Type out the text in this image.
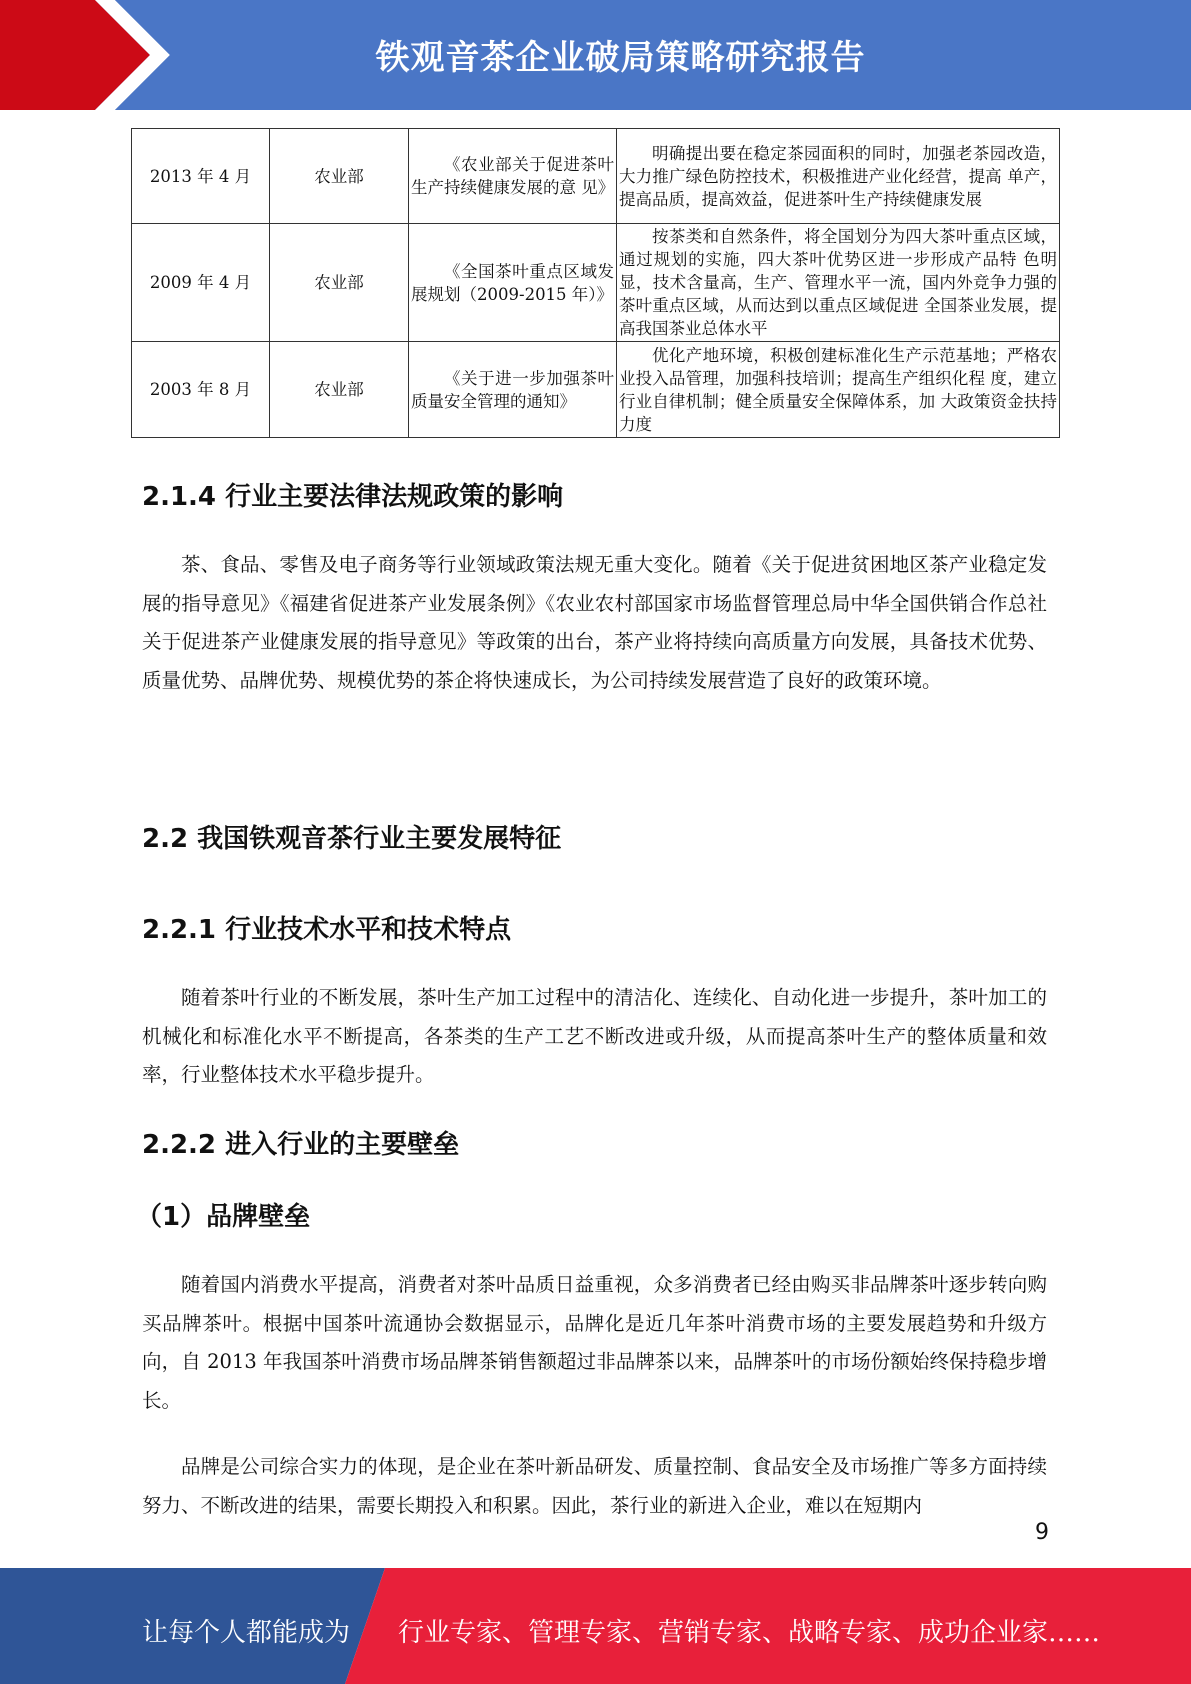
铁观音茶企业破局策略研究报告
2013 年 4 月	农业部	《农业部关于促进茶叶 生产持续健康发展的意 见》	明确提出要在稳定茶园面积的同时，加强老茶园改造， 大力推广绿色防控技术，积极推进产业化经营，提高 单产，提高品质，提高效益，促进茶叶生产持续健康发展
2009 年 4 月	农业部	《全国茶叶重点区域发 展规划（2009-2015 年）》	按茶类和自然条件，将全国划分为四大茶叶重点区域， 通过规划的实施，四大茶叶优势区进一步形成产品特 色明显，技术含量高，生产、管理水平一流，国内外竞争力强的茶叶重点区域，从而达到以重点区域促进 全国茶业发展，提高我国茶业总体水平
2003 年 8 月	农业部	《关于进一步加强茶叶 质量安全管理的通知》	优化产地环境，积极创建标准化生产示范基地；严格农业投入品管理，加强科技培训；提高生产组织化程 度，建立行业自律机制；健全质量安全保障体系，加 大政策资金扶持力度
2.1.4 行业主要法律法规政策的影响

茶、食品、零售及电子商务等行业领域政策法规无重大变化。随着《关于促进贫困地区茶产业稳定发展的指导意见》《福建省促进茶产业发展条例》《农业农村部国家市场监督管理总局中华全国供销合作总社关于促进茶产业健康发展的指导意见》等政策的出台，茶产业将持续向高质量方向发展，具备技术优势、质量优势、品牌优势、规模优势的茶企将快速成长，为公司持续发展营造了良好的政策环境。

2.2 我国铁观音茶行业主要发展特征
2.2.1 行业技术水平和技术特点

随着茶叶行业的不断发展，茶叶生产加工过程中的清洁化、连续化、自动化进一步提升，茶叶加工的机械化和标准化水平不断提高，各茶类的生产工艺不断改进或升级，从而提高茶叶生产的整体质量和效率，行业整体技术水平稳步提升。

2.2.2 进入行业的主要壁垒
（1）品牌壁垒

随着国内消费水平提高，消费者对茶叶品质日益重视，众多消费者已经由购买非品牌茶叶逐步转向购买品牌茶叶。根据中国茶叶流通协会数据显示，品牌化是近几年茶叶消费市场的主要发展趋势和升级方向，自 2013 年我国茶叶消费市场品牌茶销售额超过非品牌茶以来，品牌茶叶的市场份额始终保持稳步增长。

品牌是公司综合实力的体现，是企业在茶叶新品研发、质量控制、食品安全及市场推广等多方面持续努力、不断改进的结果，需要长期投入和积累。因此，茶行业的新进入企业，难以在短期内

9
让每个人都能成为 行业专家、管理专家、营销专家、战略专家、成功企业家……
